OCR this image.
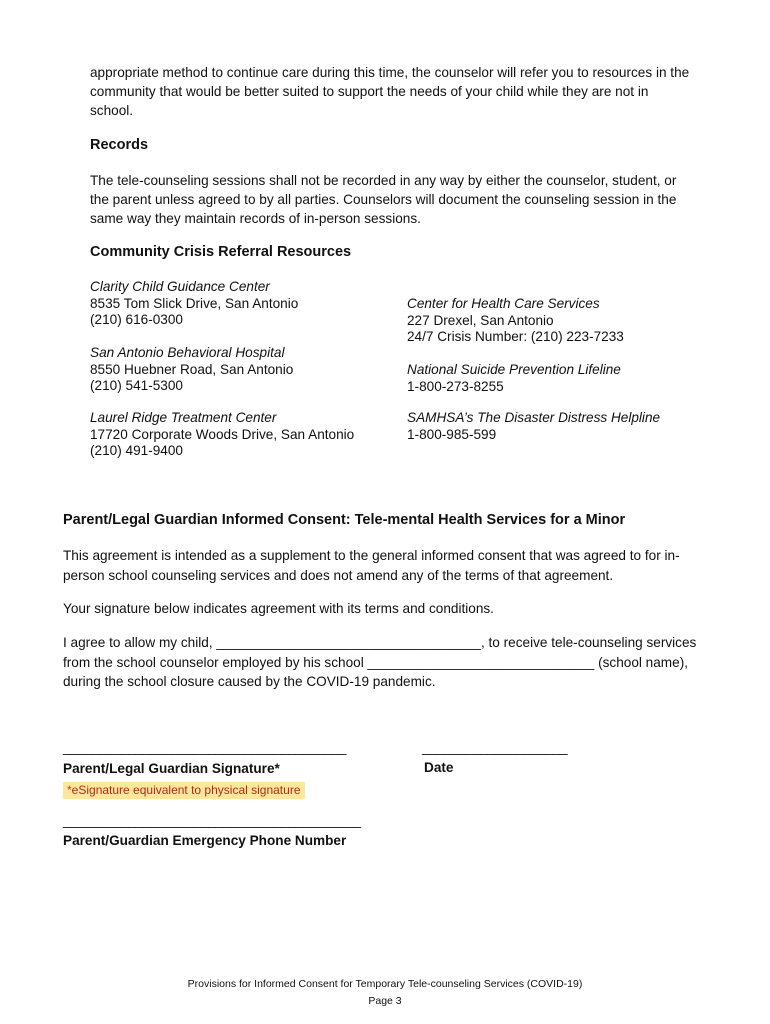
appropriate method to continue care during this time, the counselor will refer you to resources in the community that would be better suited to support the needs of your child while they are not in school.
Records
The tele-counseling sessions shall not be recorded in any way by either the counselor, student, or the parent unless agreed to by all parties. Counselors will document the counseling session in the same way they maintain records of in-person sessions.
Community Crisis Referral Resources
Clarity Child Guidance Center
8535 Tom Slick Drive, San Antonio
(210) 616-0300
San Antonio Behavioral Hospital
8550 Huebner Road, San Antonio
(210) 541-5300
Laurel Ridge Treatment Center
17720 Corporate Woods Drive, San Antonio
(210) 491-9400
Center for Health Care Services
227 Drexel, San Antonio
24/7 Crisis Number: (210) 223-7233
National Suicide Prevention Lifeline
1-800-273-8255
SAMHSA’s The Disaster Distress Helpline
1-800-985-599
Parent/Legal Guardian Informed Consent: Tele-mental Health Services for a Minor
This agreement is intended as a supplement to the general informed consent that was agreed to for in-person school counseling services and does not amend any of the terms of that agreement.
Your signature below indicates agreement with its terms and conditions.
I agree to allow my child, ___________________________________, to receive tele-counseling services from the school counselor employed by his school ______________________________ (school name), during the school closure caused by the COVID-19 pandemic.
_______________________________________
Parent/Legal Guardian Signature*
____________________
Date
*eSignature equivalent to physical signature
_________________________________________
Parent/Guardian Emergency Phone Number
Provisions for Informed Consent for Temporary Tele-counseling Services (COVID-19)
Page 3
